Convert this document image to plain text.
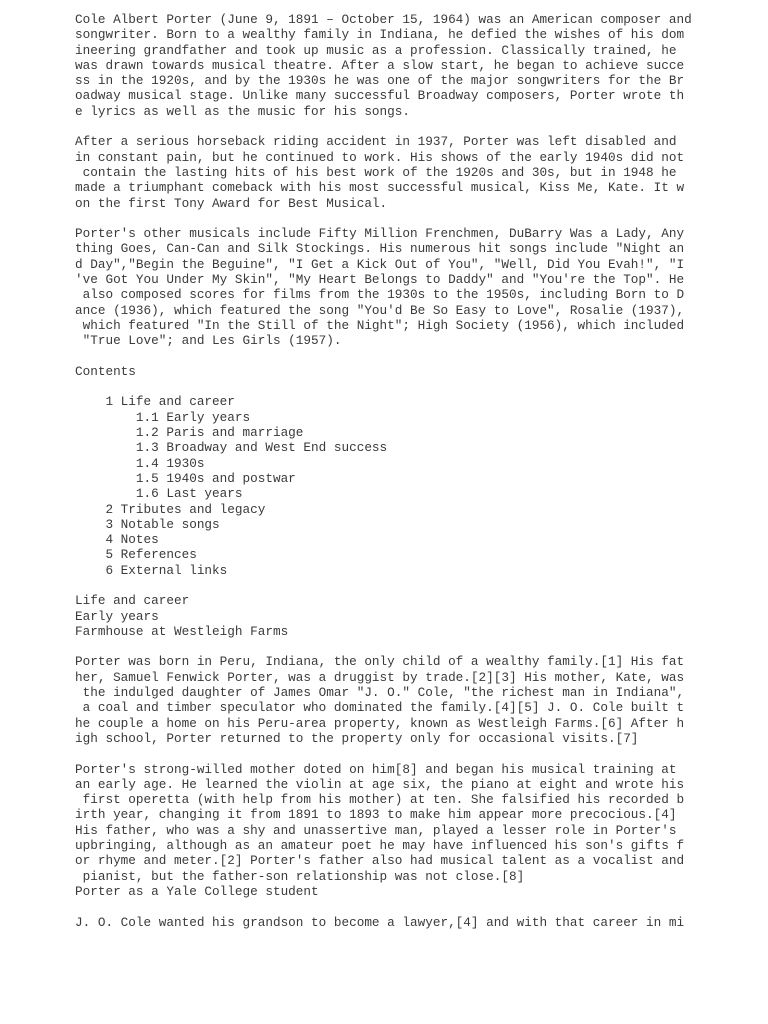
Cole Albert Porter (June 9, 1891 – October 15, 1964) was an American composer and
songwriter. Born to a wealthy family in Indiana, he defied the wishes of his dom
ineering grandfather and took up music as a profession. Classically trained, he
was drawn towards musical theatre. After a slow start, he began to achieve succe
ss in the 1920s, and by the 1930s he was one of the major songwriters for the Br
oadway musical stage. Unlike many successful Broadway composers, Porter wrote th
e lyrics as well as the music for his songs.
After a serious horseback riding accident in 1937, Porter was left disabled and
in constant pain, but he continued to work. His shows of the early 1940s did not
contain the lasting hits of his best work of the 1920s and 30s, but in 1948 he
made a triumphant comeback with his most successful musical, Kiss Me, Kate. It w
on the first Tony Award for Best Musical.
Porter's other musicals include Fifty Million Frenchmen, DuBarry Was a Lady, Any
thing Goes, Can-Can and Silk Stockings. His numerous hit songs include "Night an
d Day","Begin the Beguine", "I Get a Kick Out of You", "Well, Did You Evah!", "I
've Got You Under My Skin", "My Heart Belongs to Daddy" and "You're the Top". He
also composed scores for films from the 1930s to the 1950s, including Born to D
ance (1936), which featured the song "You'd Be So Easy to Love", Rosalie (1937),
which featured "In the Still of the Night"; High Society (1956), which included
"True Love"; and Les Girls (1957).
Contents
1 Life and career
1.1 Early years
1.2 Paris and marriage
1.3 Broadway and West End success
1.4 1930s
1.5 1940s and postwar
1.6 Last years
2 Tributes and legacy
3 Notable songs
4 Notes
5 References
6 External links
Life and career
Early years
Farmhouse at Westleigh Farms
Porter was born in Peru, Indiana, the only child of a wealthy family.[1] His fat
her, Samuel Fenwick Porter, was a druggist by trade.[2][3] His mother, Kate, was
the indulged daughter of James Omar "J. O." Cole, "the richest man in Indiana",
a coal and timber speculator who dominated the family.[4][5] J. O. Cole built t
he couple a home on his Peru-area property, known as Westleigh Farms.[6] After h
igh school, Porter returned to the property only for occasional visits.[7]
Porter's strong-willed mother doted on him[8] and began his musical training at
an early age. He learned the violin at age six, the piano at eight and wrote his
first operetta (with help from his mother) at ten. She falsified his recorded b
irth year, changing it from 1891 to 1893 to make him appear more precocious.[4]
His father, who was a shy and unassertive man, played a lesser role in Porter's
upbringing, although as an amateur poet he may have influenced his son's gifts f
or rhyme and meter.[2] Porter's father also had musical talent as a vocalist and
pianist, but the father-son relationship was not close.[8]
Porter as a Yale College student
J. O. Cole wanted his grandson to become a lawyer,[4] and with that career in mi
